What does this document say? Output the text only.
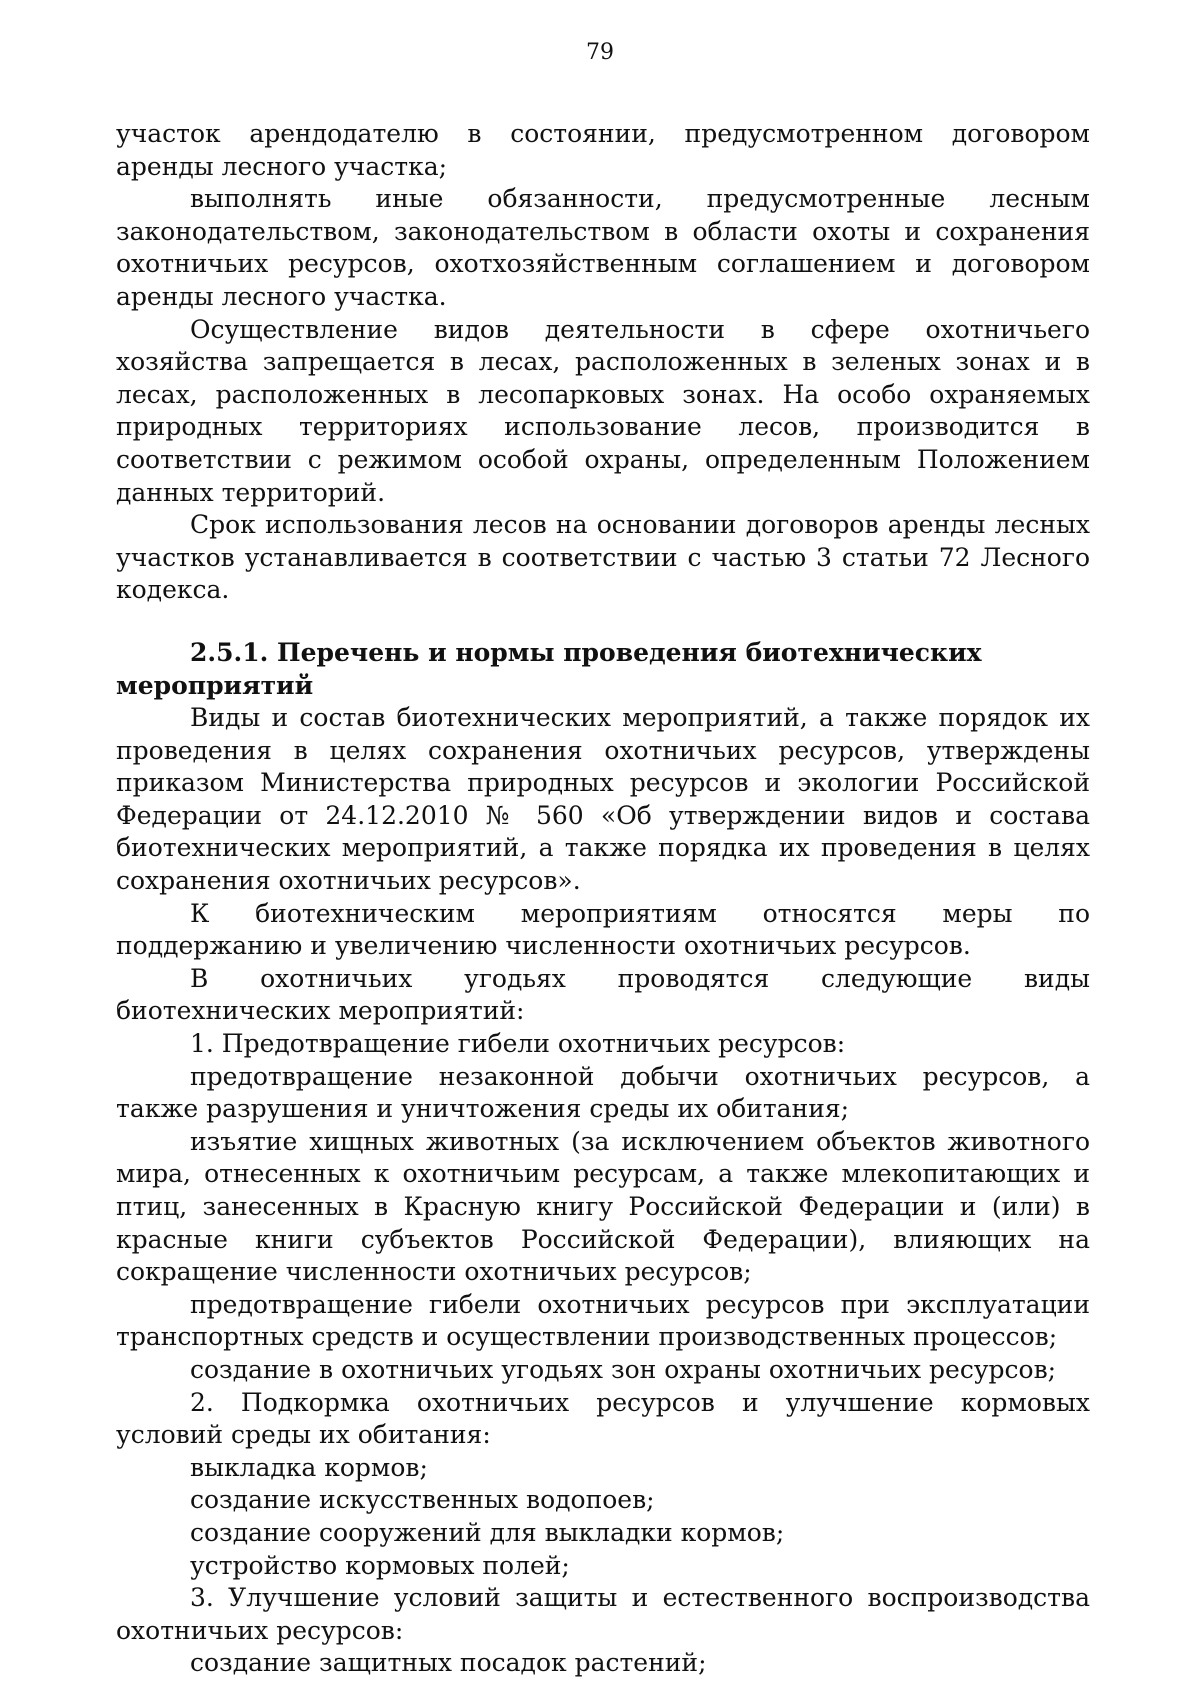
79

участок арендодателю в состоянии, предусмотренном договором аренды лесного участка;

выполнять иные обязанности, предусмотренные лесным законодательством, законодательством в области охоты и сохранения охотничьих ресурсов, охотхозяйственным соглашением и договором аренды лесного участка.

Осуществление видов деятельности в сфере охотничьего хозяйства запрещается в лесах, расположенных в зеленых зонах и в лесах, расположенных в лесопарковых зонах. На особо охраняемых природных территориях использование лесов, производится в соответствии с режимом особой охраны, определенным Положением данных территорий.

Срок использования лесов на основании договоров аренды лесных участков устанавливается в соответствии с частью 3 статьи 72 Лесного кодекса.

2.5.1. Перечень и нормы проведения биотехнических мероприятий

Виды и состав биотехнических мероприятий, а также порядок их проведения в целях сохранения охотничьих ресурсов, утверждены приказом Министерства природных ресурсов и экологии Российской Федерации от 24.12.2010 № 560 «Об утверждении видов и состава биотехнических мероприятий, а также порядка их проведения в целях сохранения охотничьих ресурсов».

К биотехническим мероприятиям относятся меры по поддержанию и увеличению численности охотничьих ресурсов.

В охотничьих угодьях проводятся следующие виды биотехнических мероприятий:

1. Предотвращение гибели охотничьих ресурсов:

предотвращение незаконной добычи охотничьих ресурсов, а также разрушения и уничтожения среды их обитания;

изъятие хищных животных (за исключением объектов животного мира, отнесенных к охотничьим ресурсам, а также млекопитающих и птиц, занесенных в Красную книгу Российской Федерации и (или) в красные книги субъектов Российской Федерации), влияющих на сокращение численности охотничьих ресурсов;

предотвращение гибели охотничьих ресурсов при эксплуатации транспортных средств и осуществлении производственных процессов;

создание в охотничьих угодьях зон охраны охотничьих ресурсов;

2. Подкормка охотничьих ресурсов и улучшение кормовых условий среды их обитания:

выкладка кормов;

создание искусственных водопоев;

создание сооружений для выкладки кормов;

устройство кормовых полей;

3. Улучшение условий защиты и естественного воспроизводства охотничьих ресурсов:

создание защитных посадок растений;
